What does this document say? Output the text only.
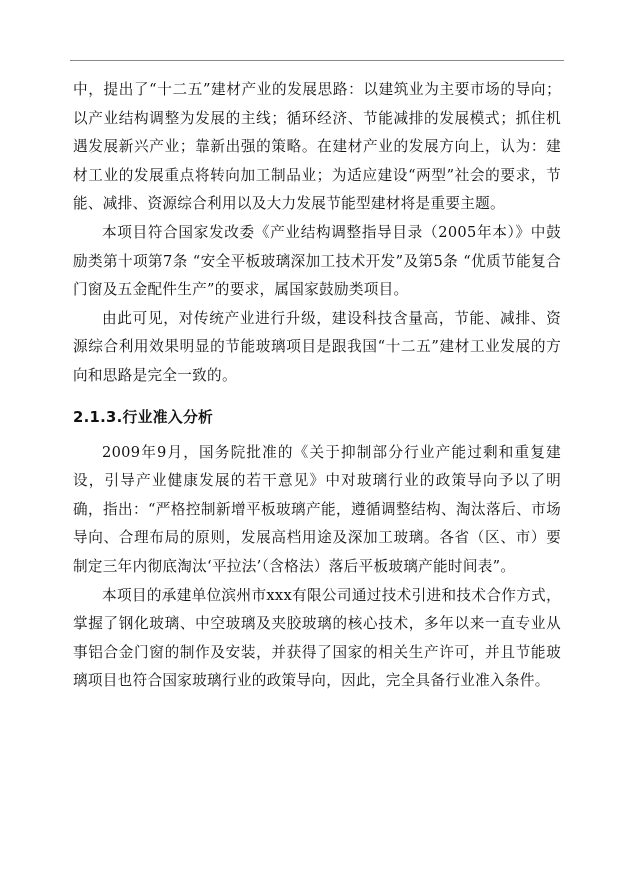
中，提出了“十二五”建材产业的发展思路：以建筑业为主要市场的导向；以产业结构调整为发展的主线；循环经济、节能减排的发展模式；抓住机遇发展新兴产业；靠新出强的策略。在建材产业的发展方向上，认为：建材工业的发展重点将转向加工制品业；为适应建设“两型”社会的要求，节能、减排、资源综合利用以及大力发展节能型建材将是重要主题。

本项目符合国家发改委《产业结构调整指导目录（2005年本）》中鼓励类第十项第7条 “安全平板玻璃深加工技术开发”及第5条 “优质节能复合门窗及五金配件生产”的要求，属国家鼓励类项目。

由此可见，对传统产业进行升级，建设科技含量高，节能、减排、资源综合利用效果明显的节能玻璃项目是跟我国“十二五”建材工业发展的方向和思路是完全一致的。

2.1.3.行业准入分析

2009年9月，国务院批准的《关于抑制部分行业产能过剩和重复建设，引导产业健康发展的若干意见》中对玻璃行业的政策导向予以了明确，指出：“严格控制新增平板玻璃产能，遵循调整结构、淘汰落后、市场导向、合理布局的原则，发展高档用途及深加工玻璃。各省（区、市）要制定三年内彻底淘汰‘平拉法’（含格法）落后平板玻璃产能时间表”。

本项目的承建单位滨州市xxx有限公司通过技术引进和技术合作方式，掌握了钢化玻璃、中空玻璃及夹胶玻璃的核心技术，多年以来一直专业从事铝合金门窗的制作及安装，并获得了国家的相关生产许可，并且节能玻璃项目也符合国家玻璃行业的政策导向，因此，完全具备行业准入条件。
